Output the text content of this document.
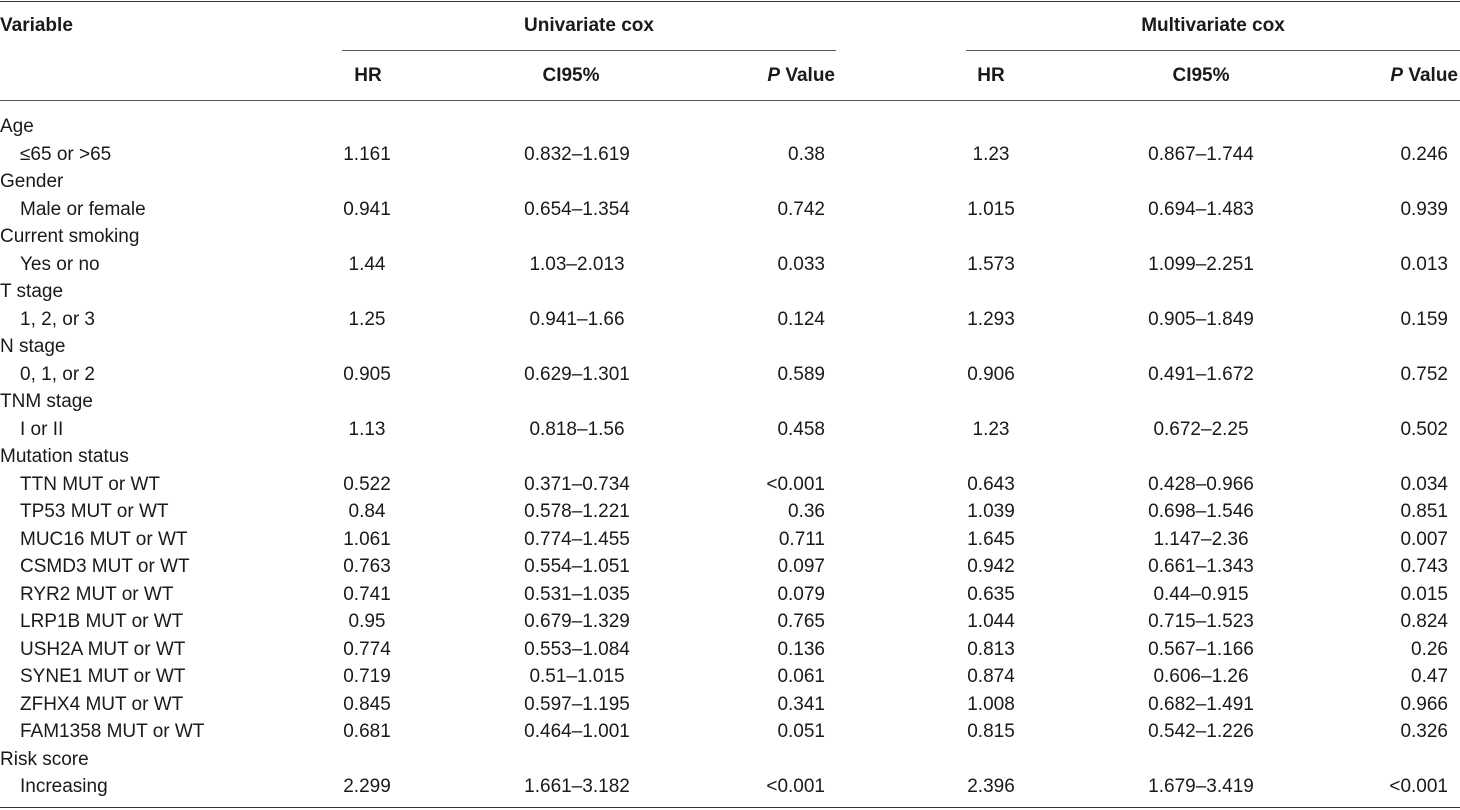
Variable	Univariate cox	Multivariate cox
HR	CI95%	P Value	HR	CI95%	P Value
Age
≤65 or >65	1.161	0.832–1.619	0.38	1.23	0.867–1.744	0.246
Gender
Male or female	0.941	0.654–1.354	0.742	1.015	0.694–1.483	0.939
Current smoking
Yes or no	1.44	1.03–2.013	0.033	1.573	1.099–2.251	0.013
T stage
1, 2, or 3	1.25	0.941–1.66	0.124	1.293	0.905–1.849	0.159
N stage
0, 1, or 2	0.905	0.629–1.301	0.589	0.906	0.491–1.672	0.752
TNM stage
I or II	1.13	0.818–1.56	0.458	1.23	0.672–2.25	0.502
Mutation status
TTN MUT or WT	0.522	0.371–0.734	<0.001	0.643	0.428–0.966	0.034
TP53 MUT or WT	0.84	0.578–1.221	0.36	1.039	0.698–1.546	0.851
MUC16 MUT or WT	1.061	0.774–1.455	0.711	1.645	1.147–2.36	0.007
CSMD3 MUT or WT	0.763	0.554–1.051	0.097	0.942	0.661–1.343	0.743
RYR2 MUT or WT	0.741	0.531–1.035	0.079	0.635	0.44–0.915	0.015
LRP1B MUT or WT	0.95	0.679–1.329	0.765	1.044	0.715–1.523	0.824
USH2A MUT or WT	0.774	0.553–1.084	0.136	0.813	0.567–1.166	0.26
SYNE1 MUT or WT	0.719	0.51–1.015	0.061	0.874	0.606–1.26	0.47
ZFHX4 MUT or WT	0.845	0.597–1.195	0.341	1.008	0.682–1.491	0.966
FAM1358 MUT or WT	0.681	0.464–1.001	0.051	0.815	0.542–1.226	0.326
Risk score
Increasing	2.299	1.661–3.182	<0.001	2.396	1.679–3.419	<0.001
